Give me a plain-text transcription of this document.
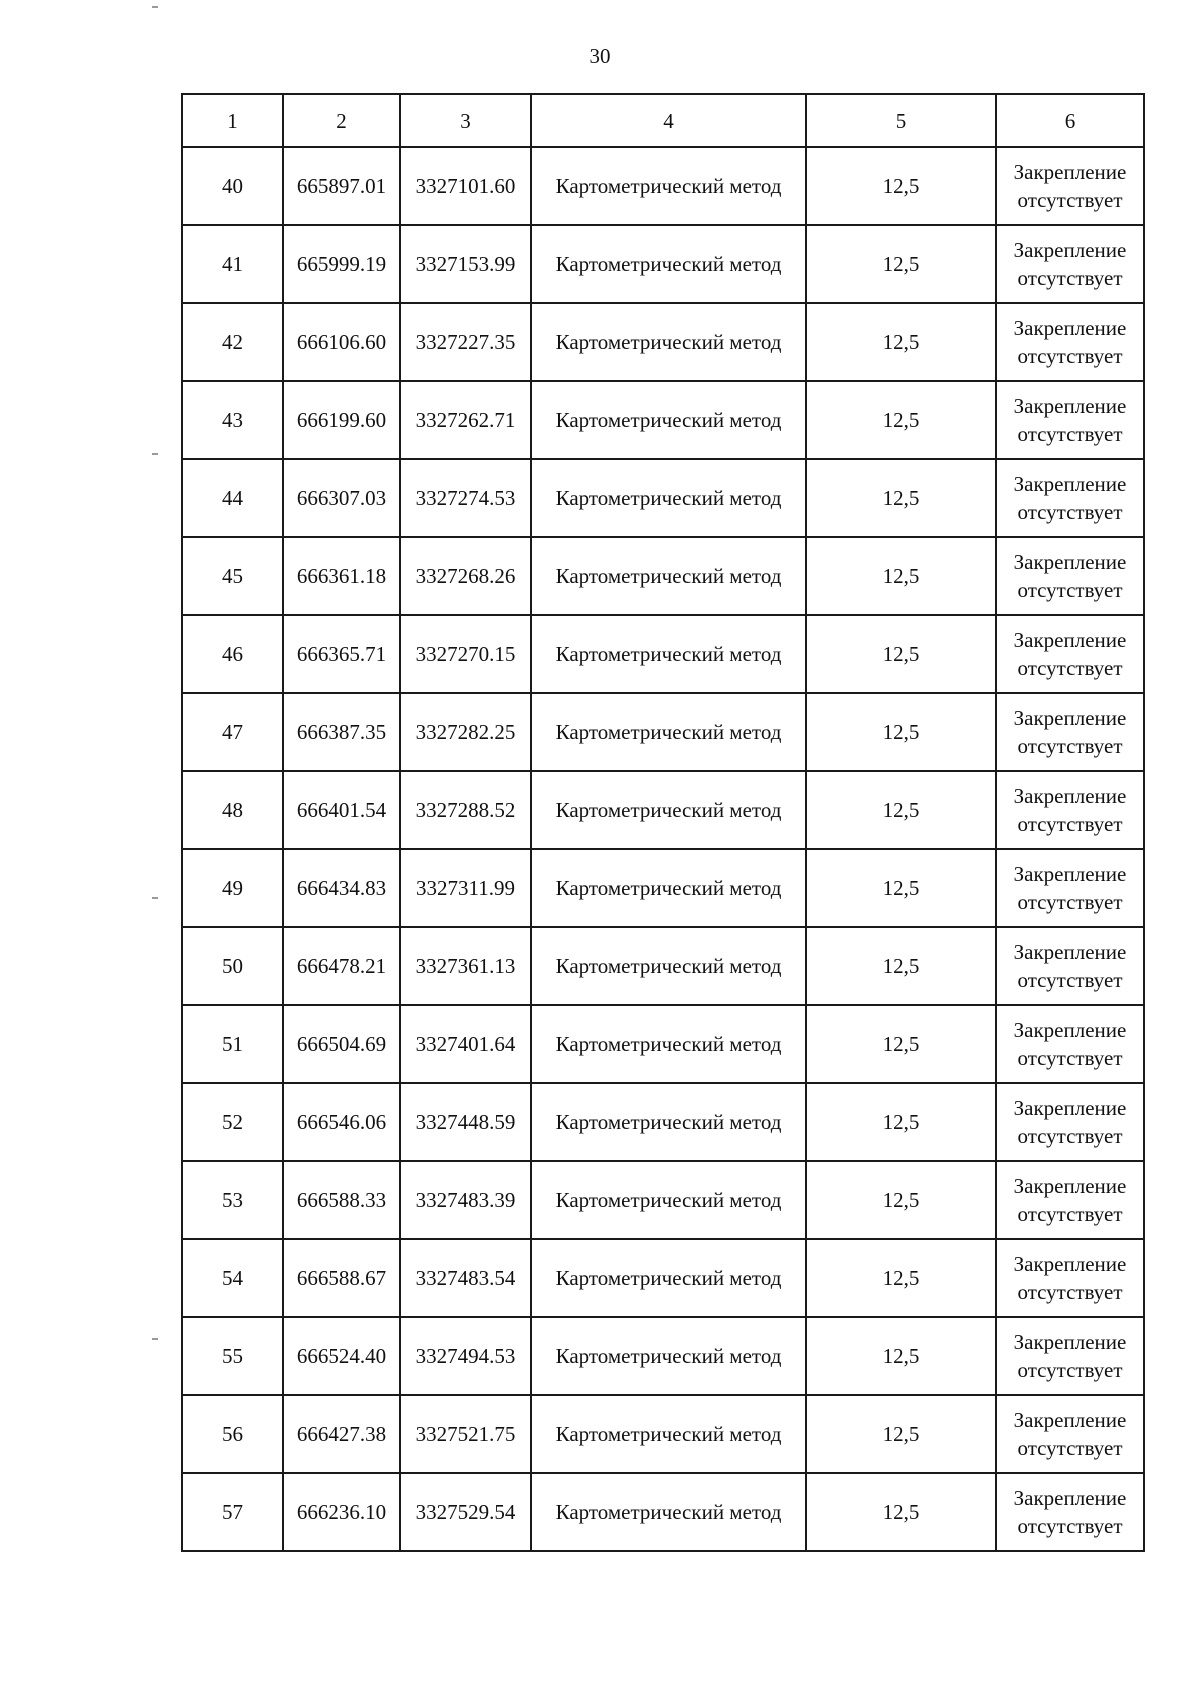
30
1	2	3	4	5	6
40	665897.01	3327101.60	Картометрический метод	12,5	Закрепление отсутствует
41	665999.19	3327153.99	Картометрический метод	12,5	Закрепление отсутствует
42	666106.60	3327227.35	Картометрический метод	12,5	Закрепление отсутствует
43	666199.60	3327262.71	Картометрический метод	12,5	Закрепление отсутствует
44	666307.03	3327274.53	Картометрический метод	12,5	Закрепление отсутствует
45	666361.18	3327268.26	Картометрический метод	12,5	Закрепление отсутствует
46	666365.71	3327270.15	Картометрический метод	12,5	Закрепление отсутствует
47	666387.35	3327282.25	Картометрический метод	12,5	Закрепление отсутствует
48	666401.54	3327288.52	Картометрический метод	12,5	Закрепление отсутствует
49	666434.83	3327311.99	Картометрический метод	12,5	Закрепление отсутствует
50	666478.21	3327361.13	Картометрический метод	12,5	Закрепление отсутствует
51	666504.69	3327401.64	Картометрический метод	12,5	Закрепление отсутствует
52	666546.06	3327448.59	Картометрический метод	12,5	Закрепление отсутствует
53	666588.33	3327483.39	Картометрический метод	12,5	Закрепление отсутствует
54	666588.67	3327483.54	Картометрический метод	12,5	Закрепление отсутствует
55	666524.40	3327494.53	Картометрический метод	12,5	Закрепление отсутствует
56	666427.38	3327521.75	Картометрический метод	12,5	Закрепление отсутствует
57	666236.10	3327529.54	Картометрический метод	12,5	Закрепление отсутствует
